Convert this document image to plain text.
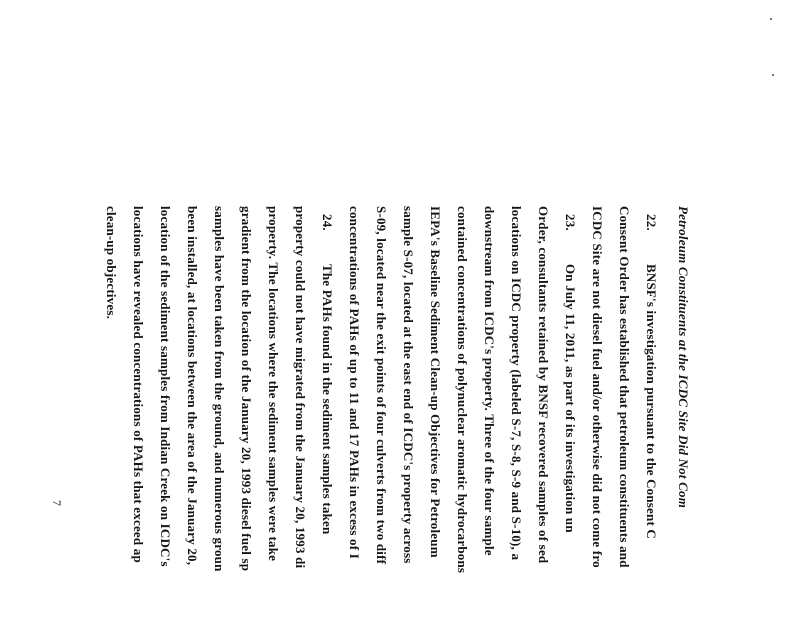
Petroleum Constituents at the ICDC Site Did Not Com
22.BNSF's investigation pursuant to the Consent C
Consent Order has established that petroleum constituents and
ICDC Site are not diesel fuel and/or otherwise did not come fro
23.On July 11, 2011, as part of its investigation un
Order, consultants retained by BNSF recovered samples of sed
locations on ICDC property (labeled S-7, S-8, S-9 and S-10), a
downstream from ICDC's property. Three of the four sample
contained concentrations of polynuclear aromatic hydrocarbons
IEPA's Baseline Sediment Clean-up Objectives for Petroleum
sample S-07, located at the east end of ICDC's property across
S-09, located near the exit points of four culverts from two diff
concentrations of PAHs of up to 11 and 17 PAHs in excess of I
24.The PAHs found in the sediment samples taken
property could not have migrated from the January 20, 1993 di
property. The locations where the sediment samples were take
gradient from the location of the January 20, 1993 diesel fuel sp
samples have been taken from the ground, and numerous groun
been installed, at locations between the area of the January 20,
location of the sediment samples from Indian Creek on ICDC's
locations have revealed concentrations of PAHs that exceed ap
clean-up objectives.
7
